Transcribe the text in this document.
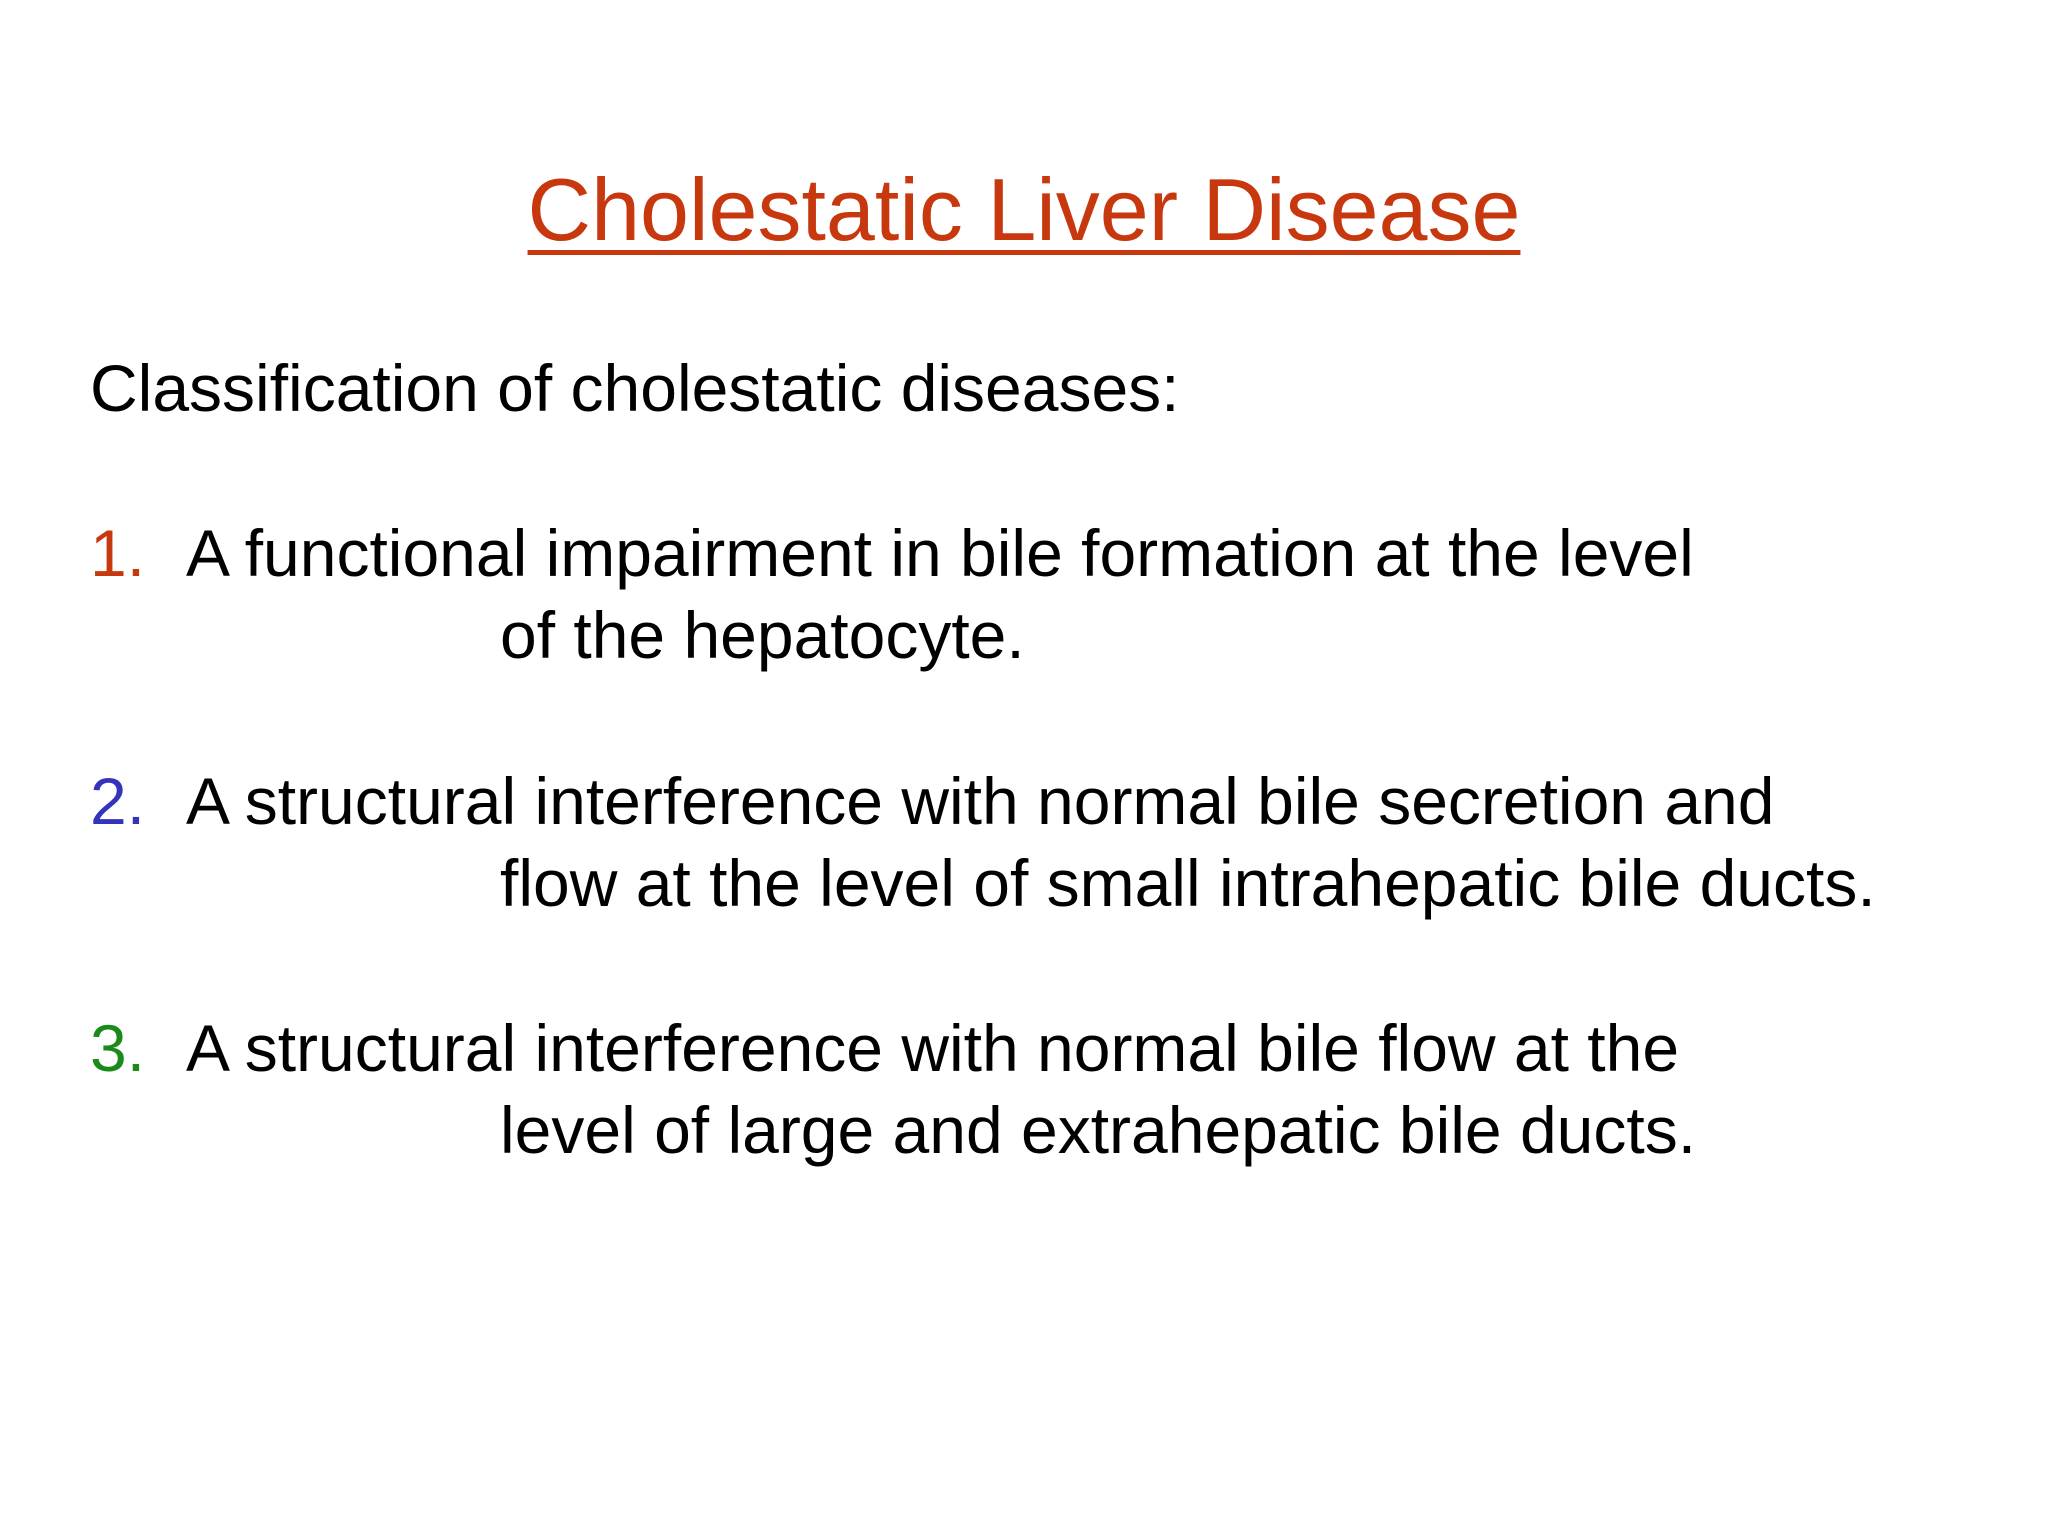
Cholestatic Liver Disease
Classification of cholestatic diseases:
1. A functional impairment in bile formation at the level
of the hepatocyte.
2. A structural interference with normal bile secretion and
flow at the level of small intrahepatic bile ducts.
3. A structural interference with normal bile flow at the
level of large and extrahepatic bile ducts.
